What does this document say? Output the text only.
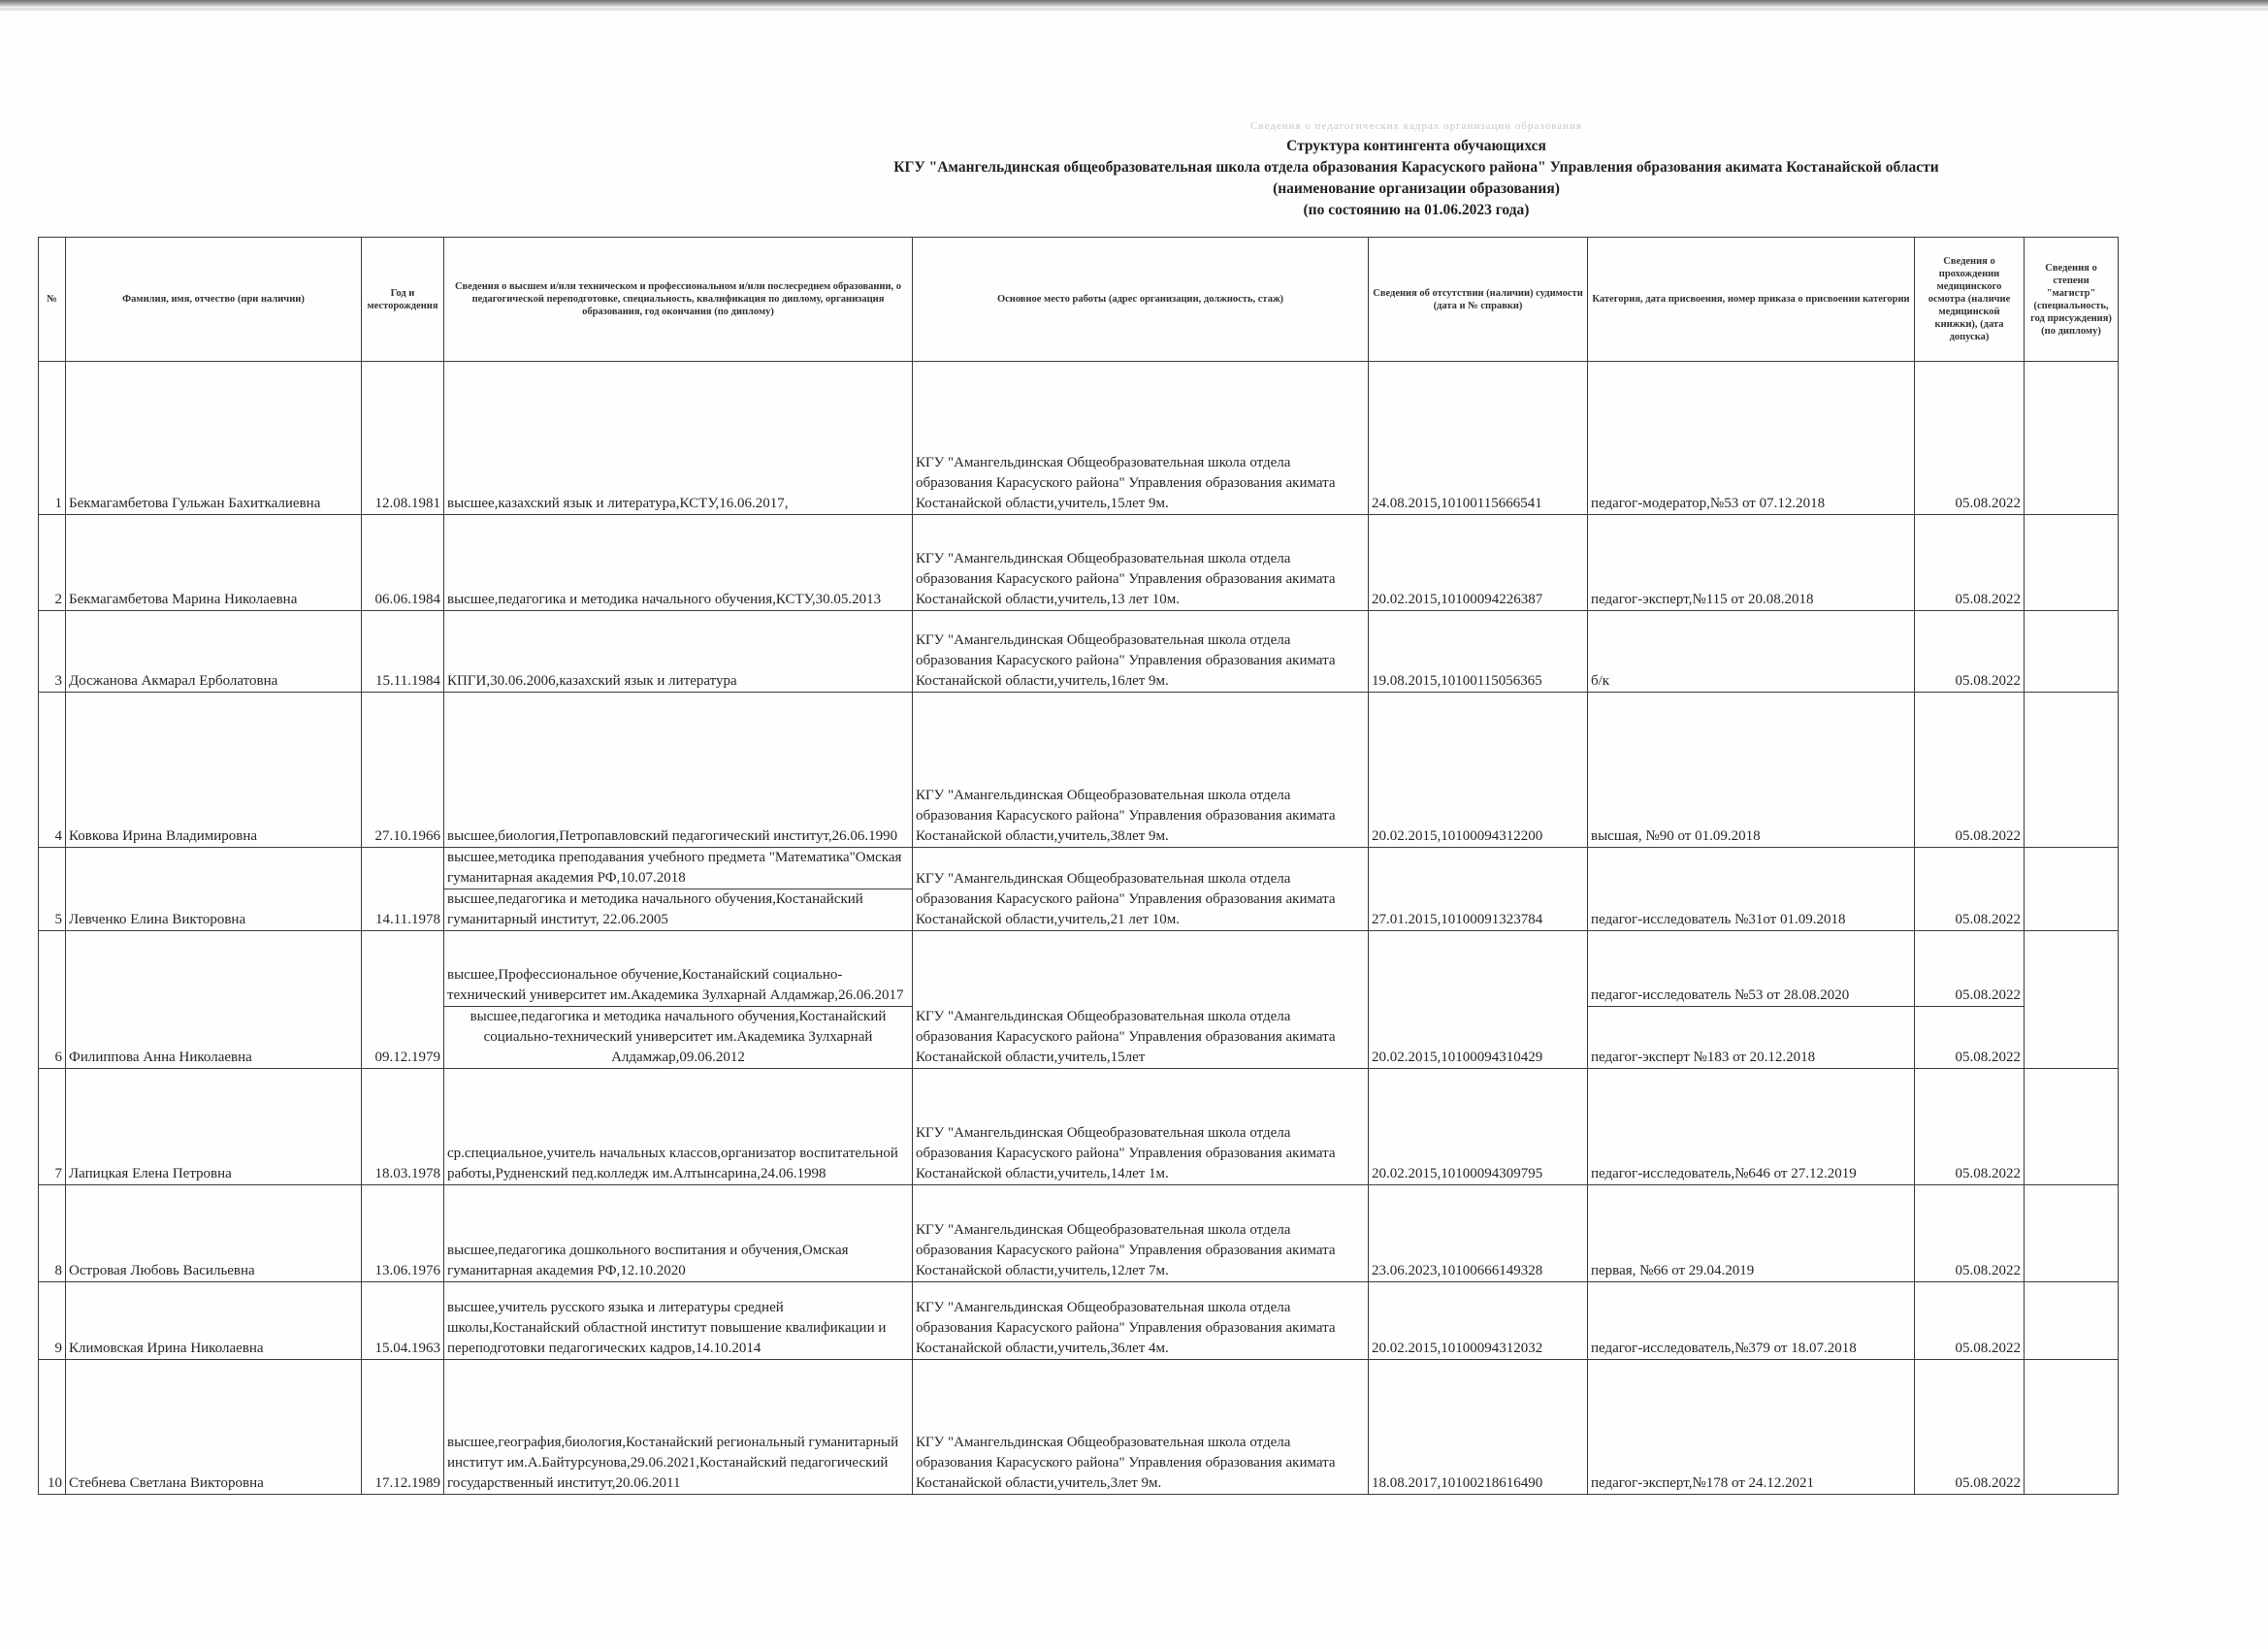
Сведения о педагогических кадрах организации образования
Структура контингента обучающихся
КГУ "Амангельдинская общеобразовательная школа отдела образования Карасуского района" Управления образования акимата Костанайской области
(наименование организации образования)
(по состоянию на 01.06.2023 года)
№	Фамилия, имя, отчество (при наличии)	Год и месторождения	Сведения о высшем и/или техническом и профессиональном и/или послесреднем образовании, о педагогической переподготовке, специальность, квалификация по диплому, организация образования, год окончания (по диплому)	Основное место работы (адрес организации, должность, стаж)	Сведения об отсутствии (наличии) судимости (дата и № справки)	Категория, дата присвоения, номер приказа о присвоении категории	Сведения о прохождении медицинского осмотра (наличие медицинской книжки), (дата допуска)	Сведения о степени "магистр" (специальность, год присуждения) (по диплому)
1	Бекмагамбетова Гульжан Бахиткалиевна	12.08.1981	высшее,казахский язык и литература,КСТУ,16.06.2017,	КГУ "Амангельдинская Общеобразовательная школа отдела образования Карасуского района" Управления образования акимата Костанайской области,учитель,15лет 9м.	24.08.2015,10100115666541	педагог-модератор,№53 от 07.12.2018	05.08.2022	
2	Бекмагамбетова Марина Николаевна	06.06.1984	высшее,педагогика и методика начального обучения,КСТУ,30.05.2013	КГУ "Амангельдинская Общеобразовательная школа отдела образования Карасуского района" Управления образования акимата Костанайской области,учитель,13 лет 10м.	20.02.2015,10100094226387	педагог-эксперт,№115 от 20.08.2018	05.08.2022	
3	Досжанова Акмарал Ерболатовна	15.11.1984	КПГИ,30.06.2006,казахский язык и литература	КГУ "Амангельдинская Общеобразовательная школа отдела образования Карасуского района" Управления образования акимата Костанайской области,учитель,16лет 9м.	19.08.2015,10100115056365	б/к	05.08.2022	
4	Ковкова Ирина Владимировна	27.10.1966	высшее,биология,Петропавловский педагогический институт,26.06.1990	КГУ "Амангельдинская Общеобразовательная школа отдела образования Карасуского района" Управления образования акимата Костанайской области,учитель,38лет 9м.	20.02.2015,10100094312200	высшая, №90 от 01.09.2018	05.08.2022	
5	Левченко Елина Викторовна	14.11.1978	высшее,методика преподавания учебного предмета "Математика"Омская гуманитарная академия РФ,10.07.2018	КГУ "Амангельдинская Общеобразовательная школа отдела образования Карасуского района" Управления образования акимата Костанайской области,учитель,21 лет 10м.	27.01.2015,10100091323784	педагог-исследователь №31от 01.09.2018	05.08.2022	
			высшее,педагогика и методика начального обучения,Костанайский гуманитарный институт, 22.06.2005					
6	Филиппова Анна Николаевна	09.12.1979	высшее,Профессиональное обучение,Костанайский социально-технический университет им.Академика Зулхарнай Алдамжар,26.06.2017	КГУ "Амангельдинская Общеобразовательная школа отдела образования Карасуского района" Управления образования акимата Костанайской области,учитель,15лет	20.02.2015,10100094310429	педагог-исследователь №53 от 28.08.2020	05.08.2022	
			высшее,педагогика и методика начального обучения,Костанайский социально-технический университет им.Академика Зулхарнай Алдамжар,09.06.2012			педагог-эксперт №183 от 20.12.2018	05.08.2022	
7	Лапицкая Елена Петровна	18.03.1978	ср.специальное,учитель начальных классов,организатор воспитательной работы,Рудненский пед.колледж им.Алтынсарина,24.06.1998	КГУ "Амангельдинская Общеобразовательная школа отдела образования Карасуского района" Управления образования акимата Костанайской области,учитель,14лет 1м.	20.02.2015,10100094309795	педагог-исследователь,№646 от 27.12.2019	05.08.2022	
8	Островая Любовь Васильевна	13.06.1976	высшее,педагогика дошкольного воспитания и обучения,Омская гуманитарная академия РФ,12.10.2020	КГУ "Амангельдинская Общеобразовательная школа отдела образования Карасуского района" Управления образования акимата Костанайской области,учитель,12лет 7м.	23.06.2023,10100666149328	первая, №66 от 29.04.2019	05.08.2022	
9	Климовская Ирина Николаевна	15.04.1963	высшее,учитель русского языка и литературы средней школы,Костанайский областной институт повышение квалификации и переподготовки педагогических кадров,14.10.2014	КГУ "Амангельдинская Общеобразовательная школа отдела образования Карасуского района" Управления образования акимата Костанайской области,учитель,36лет 4м.	20.02.2015,10100094312032	педагог-исследователь,№379 от 18.07.2018	05.08.2022	
10	Стебнева Светлана Викторовна	17.12.1989	высшее,география,биология,Костанайский региональный гуманитарный институт им.А.Байтурсунова,29.06.2021,Костанайский педагогический государственный институт,20.06.2011	КГУ "Амангельдинская Общеобразовательная школа отдела образования Карасуского района" Управления образования акимата Костанайской области,учитель,3лет 9м.	18.08.2017,10100218616490	педагог-эксперт,№178 от 24.12.2021	05.08.2022	
